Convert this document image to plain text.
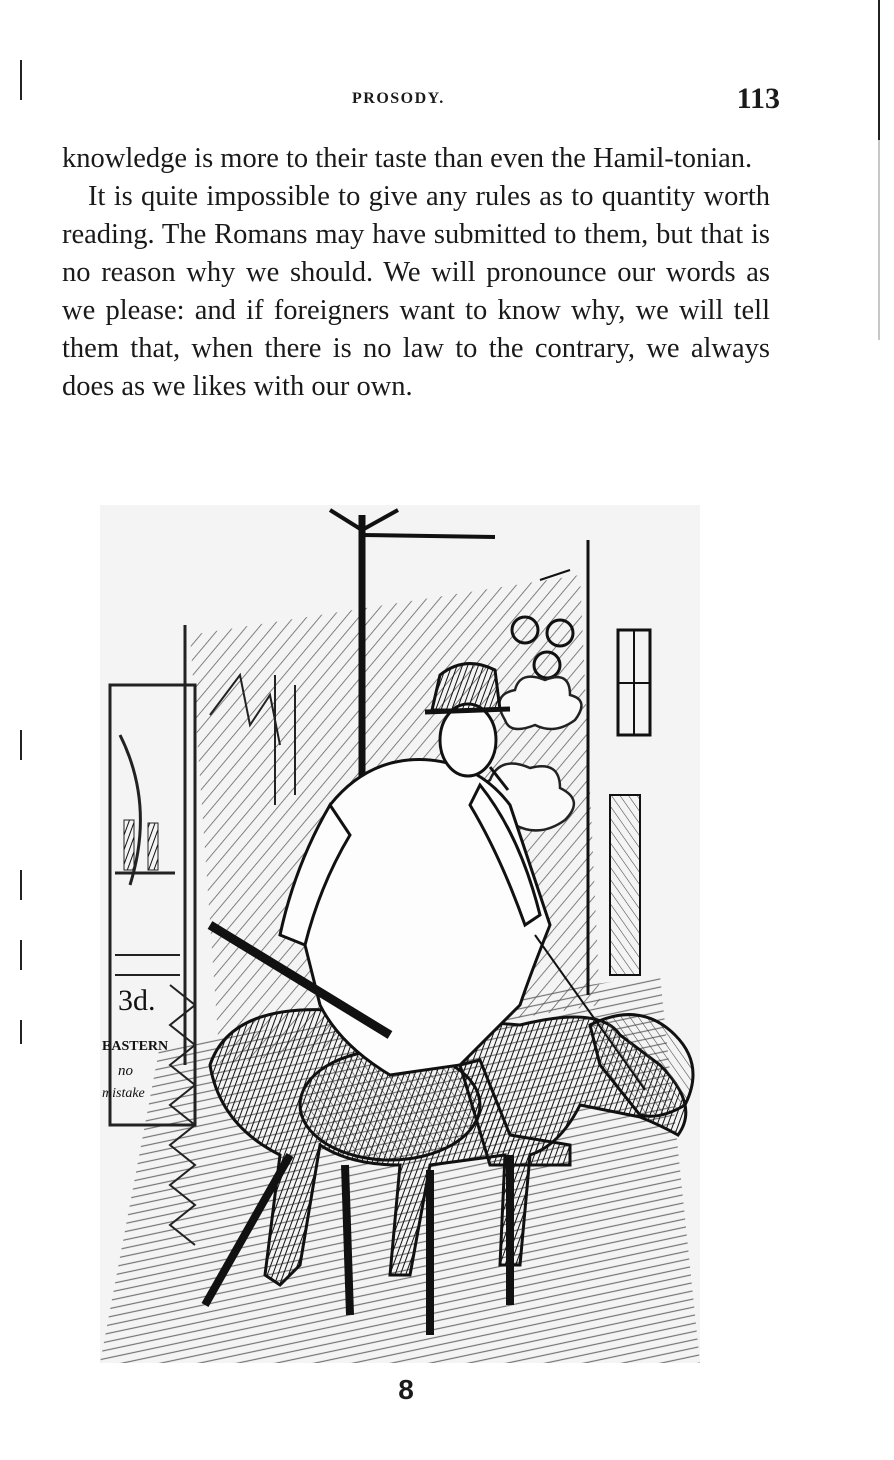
PROSODY.	113

knowledge is more to their taste than even the Hamil-tonian.

It is quite impossible to give any rules as to quantity worth reading. The Romans may have submitted to them, but that is no reason why we should. We will pronounce our words as we please: and if foreigners want to know why, we will tell them that, when there is no law to the contrary, we always does as we likes with our own.

3d.
EASTERN
no
mistake
8
